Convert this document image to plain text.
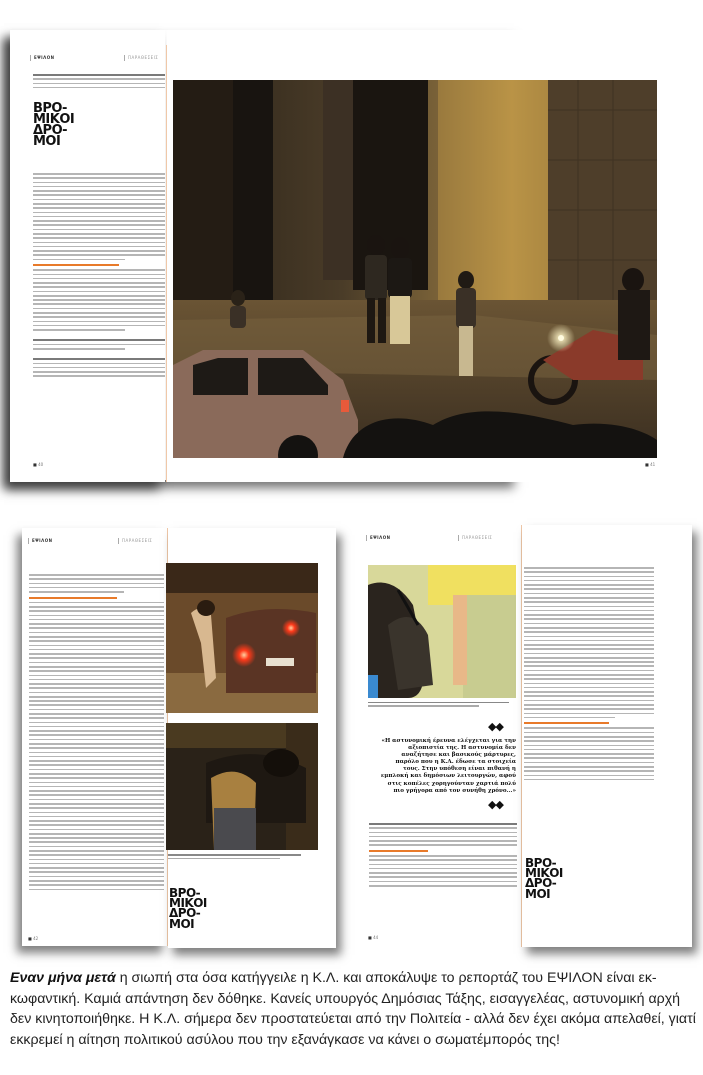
ΕΨΙΛΟΝ	ΠΑΡΑΘΕΣΕΙΣ
ΒΡΟ-
ΜΙΚΟΙ
ΔΡΟ-
ΜΟΙ
■ 40	■ 41
ΕΨΙΛΟΝ	ΠΑΡΑΘΕΣΕΙΣ
■ 42
ΒΡΟ-
ΜΙΚΟΙ
ΔΡΟ-
ΜΟΙ
ΕΨΙΛΟΝ	ΠΑΡΑΘΕΣΕΙΣ
◆◆
«Η αστυνομική έρευνα ελέγχεται για την αξιοπιστία της. Η αστυνομία δεν αναζήτησε και βασικούς μάρτυρες, παρόλο που η Κ.Λ. έδωσε τα στοιχεία τους. Στην υπόθεση είναι πιθανή η εμπλοκή και δημόσιων λειτουργών, αφού στις κοπέλες χορηγούνταν χαρτιά πολύ πιο γρήγορα από τον συνήθη χρόνο...»
◆◆
■ 44
ΒΡΟ-
ΜΙΚΟΙ
ΔΡΟ-
ΜΟΙ
Εναν μήνα μετά η σιωπή στα όσα κατήγγειλε η Κ.Λ. και αποκάλυψε το ρεπορτάζ του ΕΨΙΛΟΝ είναι εκ-κωφαντική. Καμιά απάντηση δεν δόθηκε. Κανείς υπουργός Δημόσιας Τάξης, εισαγγελέας, αστυνομική αρχή δεν κινητοποιήθηκε. Η Κ.Λ. σήμερα δεν προστατεύεται από την Πολιτεία - αλλά δεν έχει ακόμα απελαθεί, γιατί εκκρεμεί η αίτηση πολιτικού ασύλου που την εξανάγκασε να κάνει ο σωματέμπορός της!
